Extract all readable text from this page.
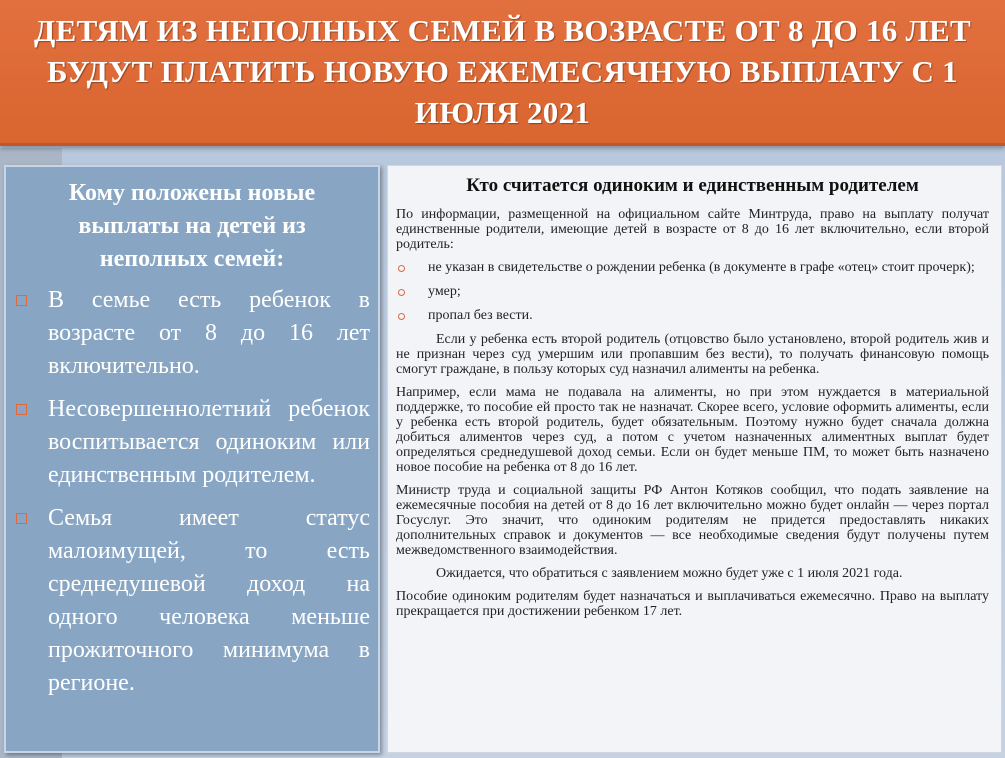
ДЕТЯМ ИЗ НЕПОЛНЫХ СЕМЕЙ В ВОЗРАСТЕ ОТ 8 ДО 16 ЛЕТ БУДУТ ПЛАТИТЬ НОВУЮ ЕЖЕМЕСЯЧНУЮ ВЫПЛАТУ С 1 ИЮЛЯ 2021
Кому положены новые выплаты на детей из неполных семей:
В семье есть ребенок в возрасте от 8 до 16 лет включительно.
Несовершеннолетний ребенок воспитывается одиноким или единственным родителем.
Семья имеет статус малоимущей, то есть среднедушевой доход на одного человека меньше прожиточного минимума в регионе.
Кто считается одиноким и единственным родителем

По информации, размещенной на официальном сайте Минтруда, право на выплату получат единственные родители, имеющие детей в возрасте от 8 до 16 лет включительно, если второй родитель:

не указан в свидетельстве о рождении ребенка (в документе в графе «отец» стоит прочерк);
умер;
пропал без вести.

Если у ребенка есть второй родитель (отцовство было установлено, второй родитель жив и не признан через суд умершим или пропавшим без вести), то получать финансовую помощь смогут граждане, в пользу которых суд назначил алименты на ребенка.

Например, если мама не подавала на алименты, но при этом нуждается в материальной поддержке, то пособие ей просто так не назначат. Скорее всего, условие оформить алименты, если у ребенка есть второй родитель, будет обязательным. Поэтому нужно будет сначала должна добиться алиментов через суд, а потом с учетом назначенных алиментных выплат будет определяться среднедушевой доход семьи. Если он будет меньше ПМ, то может быть назначено новое пособие на ребенка от 8 до 16 лет.

Министр труда и социальной защиты РФ Антон Котяков сообщил, что подать заявление на ежемесячные пособия на детей от 8 до 16 лет включительно можно будет онлайн — через портал Госуслуг. Это значит, что одиноким родителям не придется предоставлять никаких дополнительных справок и документов — все необходимые сведения будут получены путем межведомственного взаимодействия.

Ожидается, что обратиться с заявлением можно будет уже с 1 июля 2021 года.

Пособие одиноким родителям будет назначаться и выплачиваться ежемесячно. Право на выплату прекращается при достижении ребенком 17 лет.
